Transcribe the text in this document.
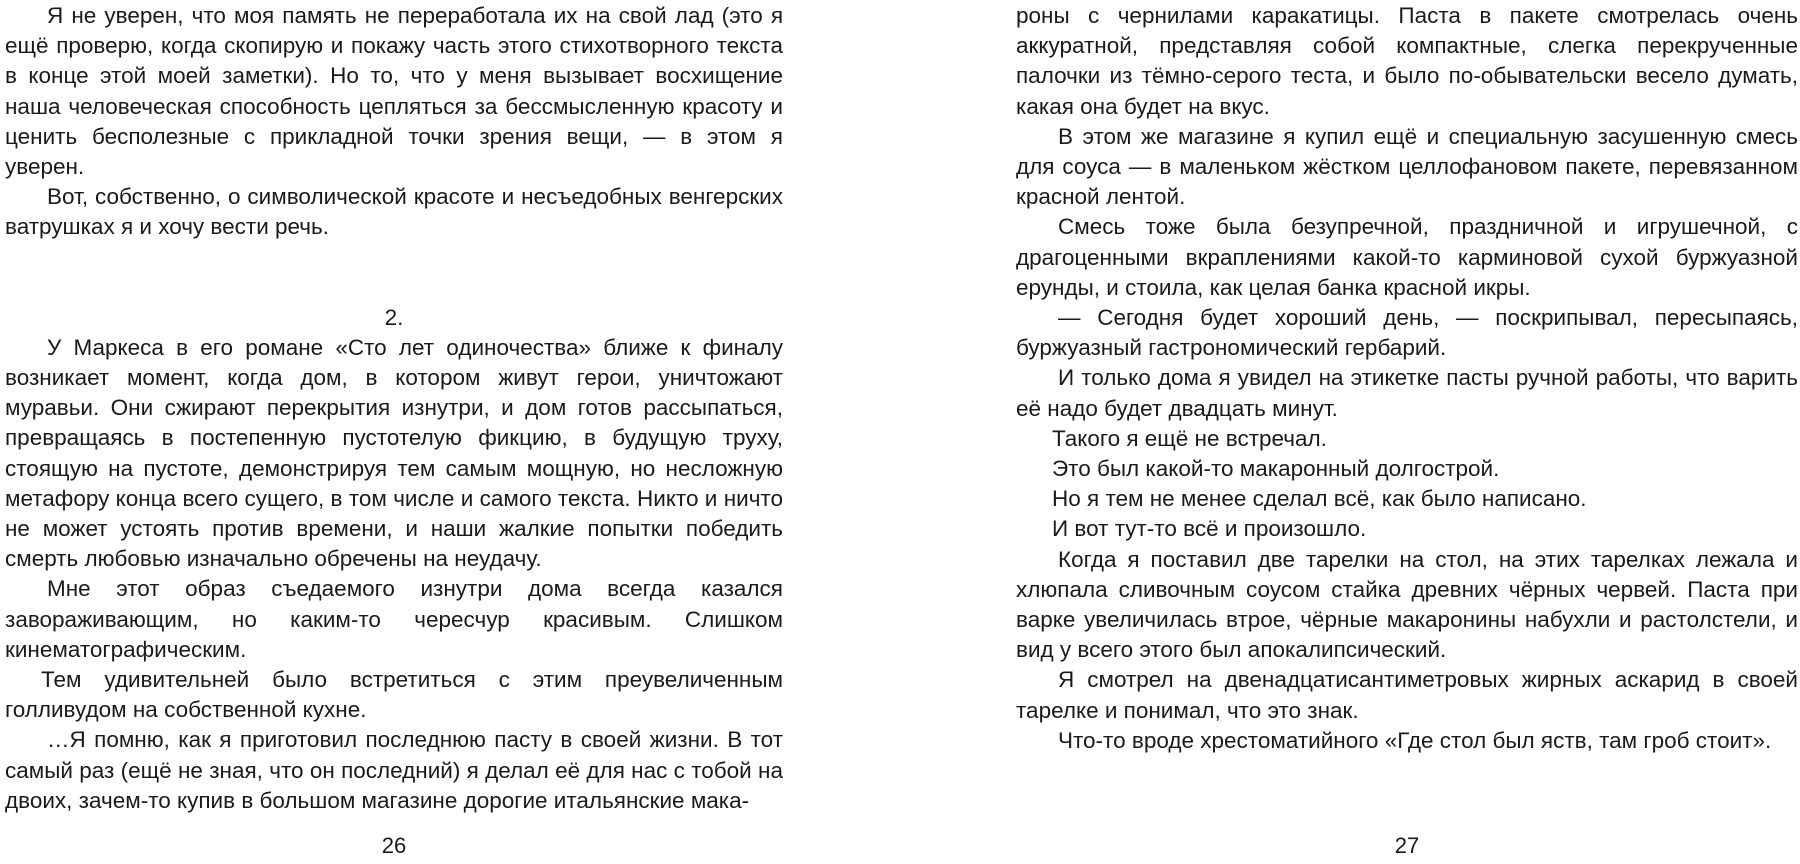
Я не уверен, что моя память не переработала их на свой лад (это я ещё проверю, когда скопирую и покажу часть этого стихотворного текста в конце этой моей заметки). Но то, что у меня вызывает восхищение наша человеческая способность цепляться за бессмысленную красоту и ценить бесполезные с прикладной точки зрения вещи, — в этом я уверен.

Вот, собственно, о символической красоте и несъедобных венгерских ватрушках я и хочу вести речь.

2.

У Маркеса в его романе «Сто лет одиночества» ближе к финалу возникает момент, когда дом, в котором живут герои, уничтожают муравьи. Они сжирают перекрытия изнутри, и дом готов рассыпаться, превращаясь в постепенную пустотелую фикцию, в будущую труху, стоящую на пустоте, демонстрируя тем самым мощную, но несложную метафору конца всего сущего, в том числе и самого текста. Никто и ничто не может устоять против времени, и наши жалкие попытки победить смерть любовью изначально обречены на неудачу.

Мне этот образ съедаемого изнутри дома всегда казался завораживающим, но каким-то чересчур красивым. Слишком кинематографическим.

Тем удивительней было встретиться с этим преувеличенным голливудом на собственной кухне.

…Я помню, как я приготовил последнюю пасту в своей жизни. В тот самый раз (ещё не зная, что он последний) я делал её для нас с тобой на двоих, зачем-то купив в большом магазине дорогие итальянские мака-

26

роны с чернилами каракатицы. Паста в пакете смотрелась очень аккуратной, представляя собой компактные, слегка перекрученные палочки из тёмно-серого теста, и было по-обывательски весело думать, какая она будет на вкус.

В этом же магазине я купил ещё и специальную засушенную смесь для соуса — в маленьком жёстком целлофановом пакете, перевязанном красной лентой.

Смесь тоже была безупречной, праздничной и игрушечной, с драгоценными вкраплениями какой-то карминовой сухой буржуазной ерунды, и стоила, как целая банка красной икры.

— Сегодня будет хороший день, — поскрипывал, пересыпаясь, буржуазный гастрономический гербарий.

И только дома я увидел на этикетке пасты ручной работы, что варить её надо будет двадцать минут.

Такого я ещё не встречал.

Это был какой-то макаронный долгострой.

Но я тем не менее сделал всё, как было написано.

И вот тут-то всё и произошло.

Когда я поставил две тарелки на стол, на этих тарелках лежала и хлюпала сливочным соусом стайка древних чёрных червей. Паста при варке увеличилась втрое, чёрные макаронины набухли и растолстели, и вид у всего этого был апокалипсический.

Я смотрел на двенадцатисантиметровых жирных аскарид в своей тарелке и понимал, что это знак.

Что-то вроде хрестоматийного «Где стол был яств, там гроб стоит».

27
